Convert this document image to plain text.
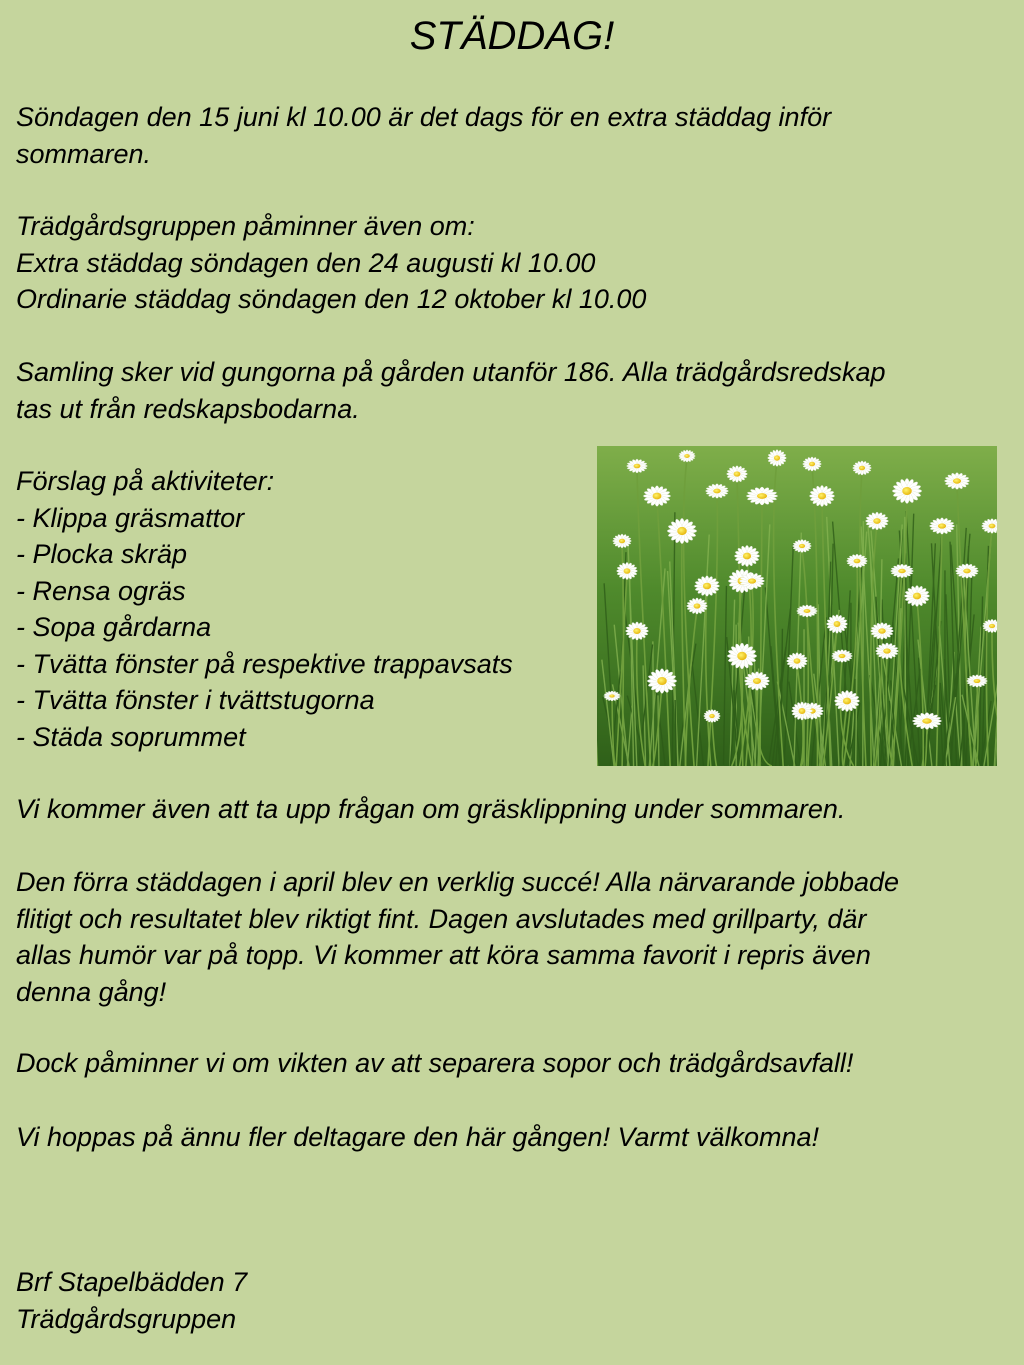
STÄDDAG!
Söndagen den 15 juni kl 10.00 är det dags för en extra städdag inför
sommaren.
Trädgårdsgruppen påminner även om:
Extra städdag söndagen den 24 augusti kl 10.00
Ordinarie städdag söndagen den 12 oktober kl 10.00
Samling sker vid gungorna på gården utanför 186. Alla trädgårdsredskap
tas ut från redskapsbodarna.
Förslag på aktiviteter:
- Klippa gräsmattor
- Plocka skräp
- Rensa ogräs
- Sopa gårdarna
- Tvätta fönster på respektive trappavsats
- Tvätta fönster i tvättstugorna
- Städa soprummet
Vi kommer även att ta upp frågan om gräsklippning under sommaren.
Den förra städdagen i april blev en verklig succé! Alla närvarande jobbade
flitigt och resultatet blev riktigt fint. Dagen avslutades med grillparty, där
allas humör var på topp. Vi kommer att köra samma favorit i repris även
denna gång!
Dock påminner vi om vikten av att separera sopor och trädgårdsavfall!
Vi hoppas på ännu fler deltagare den här gången! Varmt välkomna!
Brf Stapelbädden 7
Trädgårdsgruppen
